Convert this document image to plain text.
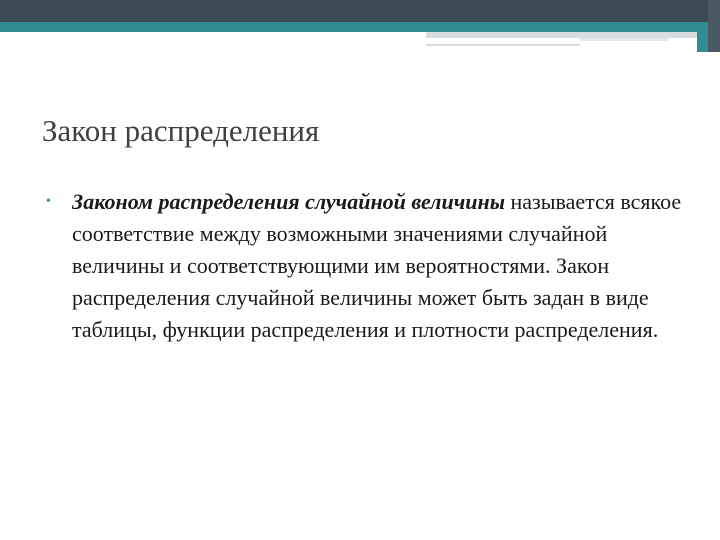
Закон распределения
• Законом распределения случайной величины называется всякое соответствие между возможными значениями случайной величины и соответствующими им вероятностями. Закон распределения случайной величины может быть задан в виде таблицы, функции распределения и плотности распределения.
